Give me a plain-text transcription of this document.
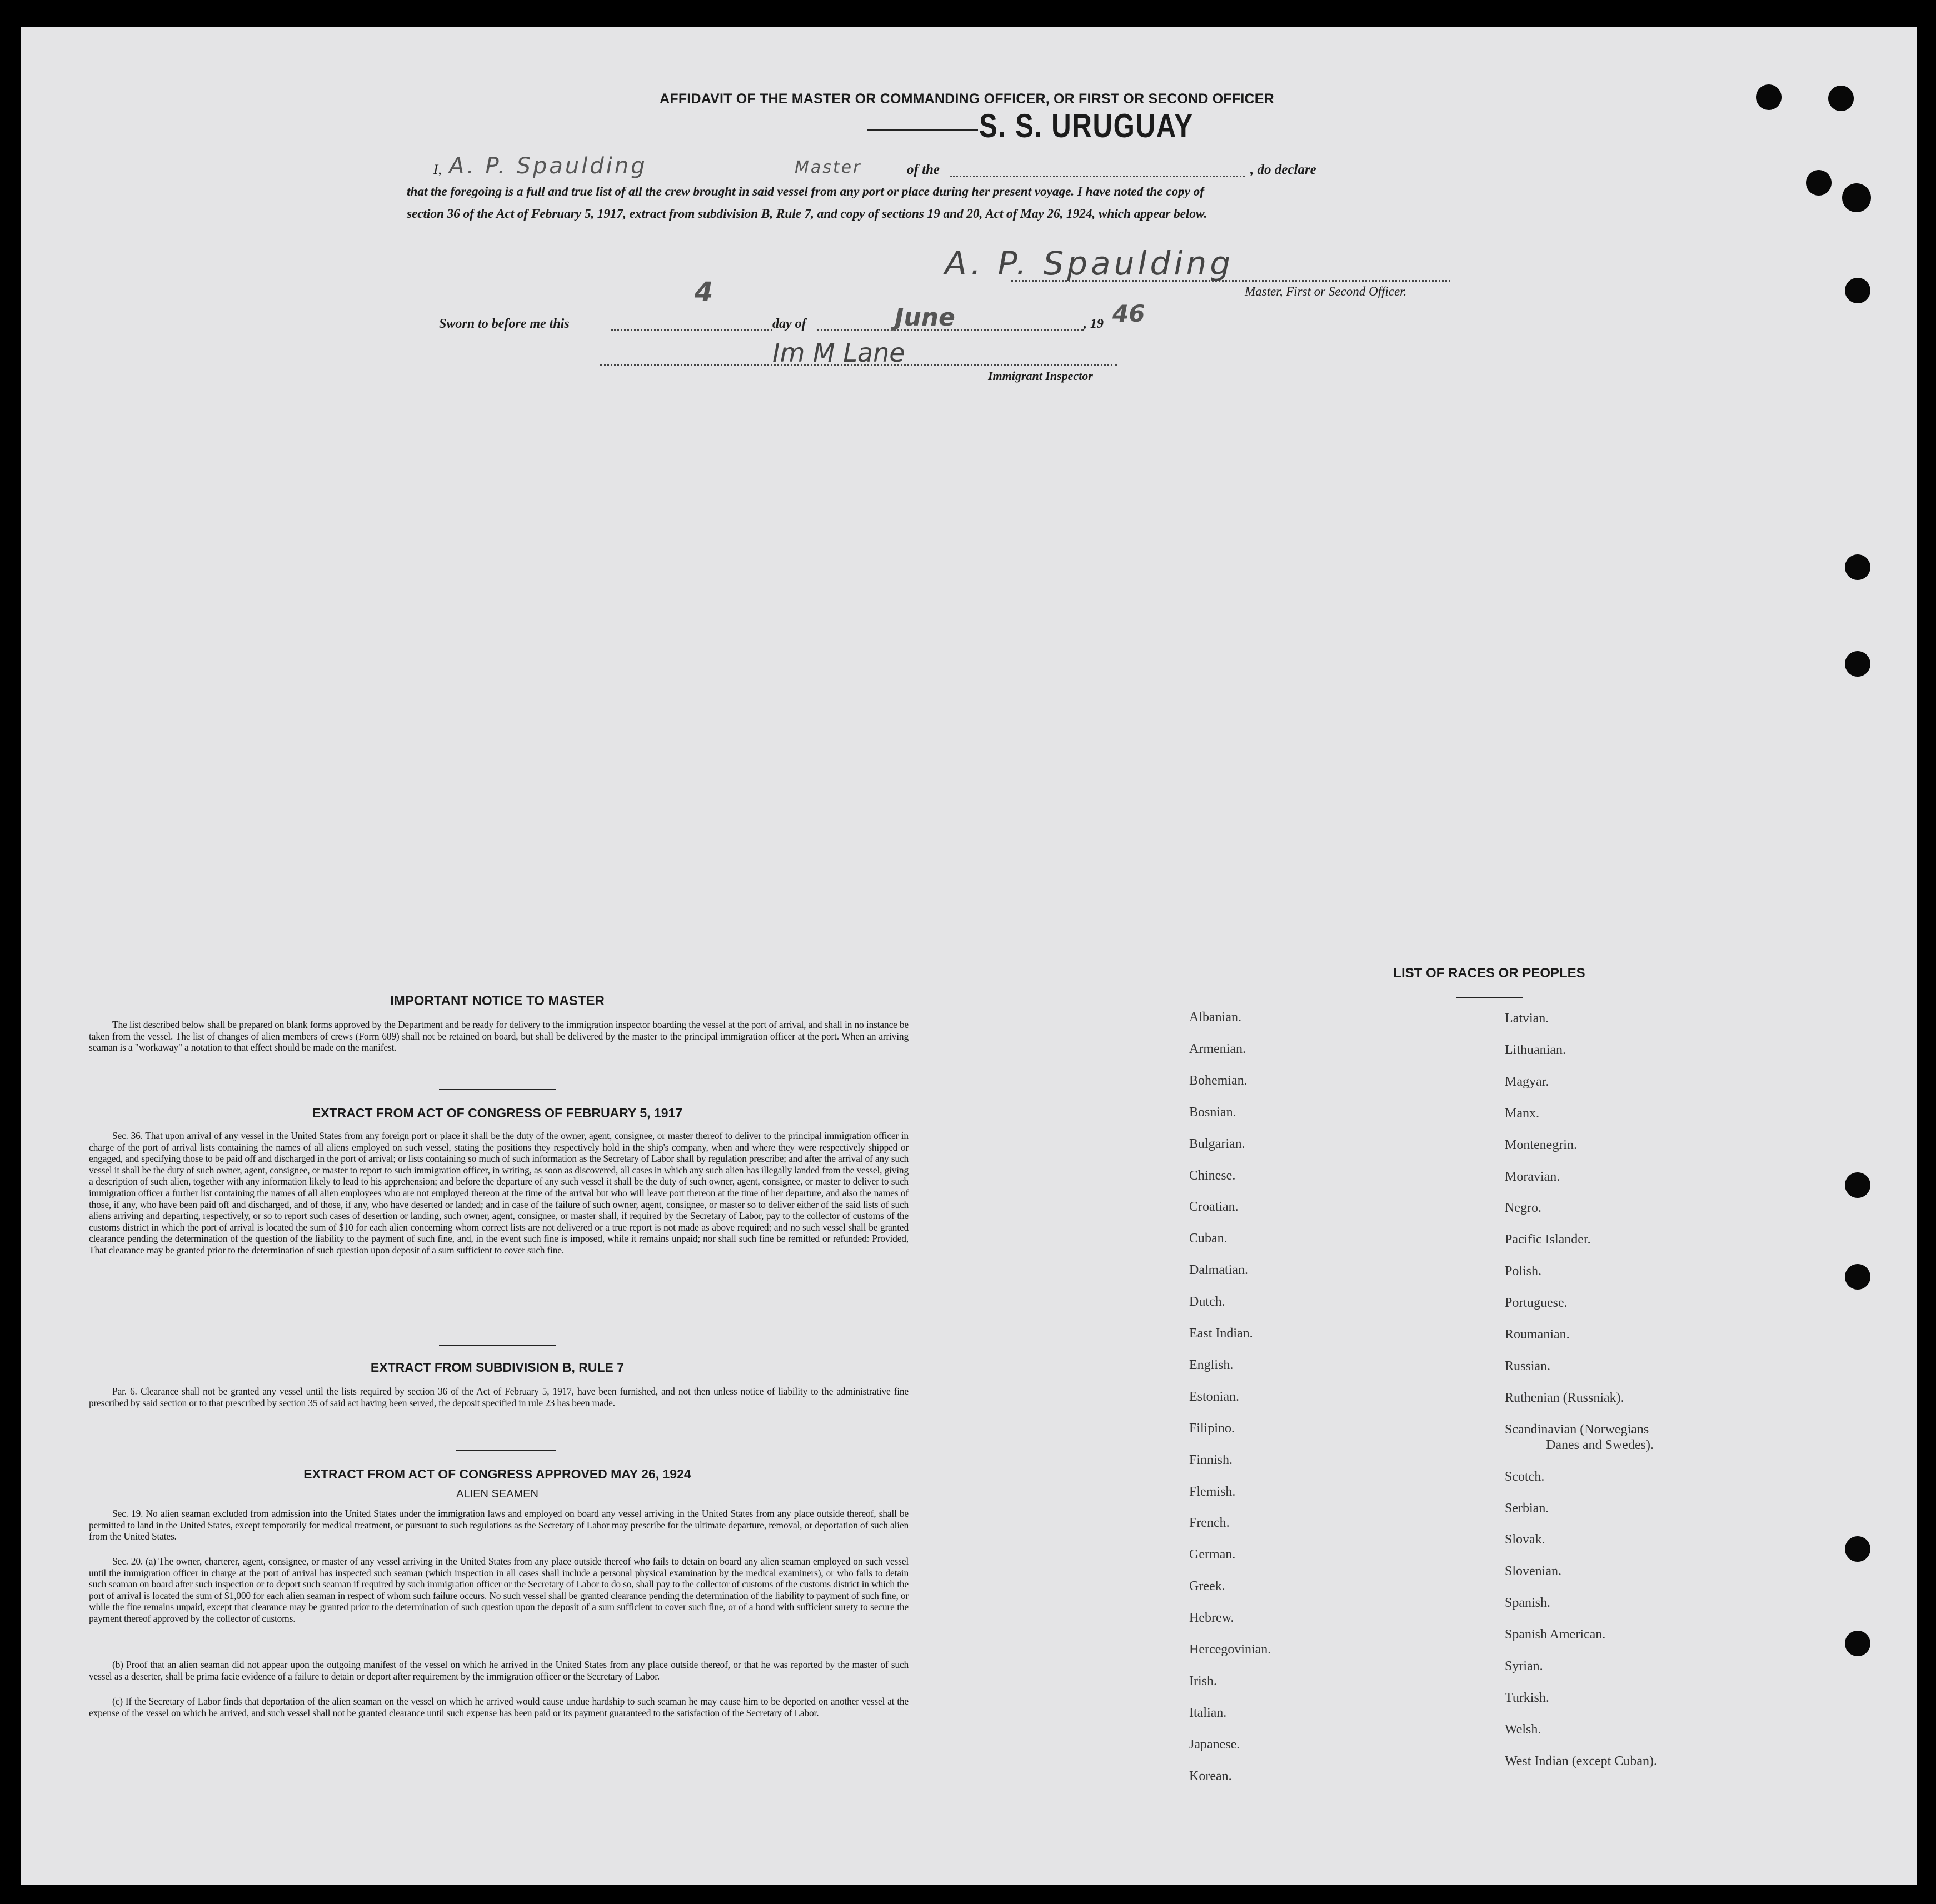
AFFIDAVIT OF THE MASTER OR COMMANDING OFFICER, OR FIRST OR SECOND OFFICER
S. S. URUGUAY
I, A. P. Spaulding	Master	of the	, do declare
that the foregoing is a full and true list of all the crew brought in said vessel from any port or place during her present voyage. I have noted the copy of
section 36 of the Act of February 5, 1917, extract from subdivision B, Rule 7, and copy of sections 19 and 20, Act of May 26, 1924, which appear below.
A. P. Spaulding
Master, First or Second Officer.
Sworn to before me this
4
day of	June	, 19 46
Im M Lane
Immigrant Inspector
IMPORTANT NOTICE TO MASTER
The list described below shall be prepared on blank forms approved by the Department and be ready for delivery to the immigration inspector boarding the vessel at the port of arrival, and shall in no instance be taken from the vessel. The list of changes of alien members of crews (Form 689) shall not be retained on board, but shall be delivered by the master to the principal immigration officer at the port. When an arriving seaman is a "workaway" a notation to that effect should be made on the manifest.
EXTRACT FROM ACT OF CONGRESS OF FEBRUARY 5, 1917
Sec. 36. That upon arrival of any vessel in the United States from any foreign port or place it shall be the duty of the owner, agent, consignee, or master thereof to deliver to the principal immigration officer in charge of the port of arrival lists containing the names of all aliens employed on such vessel, stating the positions they respectively hold in the ship's company, when and where they were respectively shipped or engaged, and specifying those to be paid off and discharged in the port of arrival; or lists containing so much of such information as the Secretary of Labor shall by regulation prescribe; and after the arrival of any such vessel it shall be the duty of such owner, agent, consignee, or master to report to such immigration officer, in writing, as soon as discovered, all cases in which any such alien has illegally landed from the vessel, giving a description of such alien, together with any information likely to lead to his apprehension; and before the departure of any such vessel it shall be the duty of such owner, agent, consignee, or master to deliver to such immigration officer a further list containing the names of all alien employees who are not employed thereon at the time of the arrival but who will leave port thereon at the time of her departure, and also the names of those, if any, who have been paid off and discharged, and of those, if any, who have deserted or landed; and in case of the failure of such owner, agent, consignee, or master so to deliver either of the said lists of such aliens arriving and departing, respectively, or so to report such cases of desertion or landing, such owner, agent, consignee, or master shall, if required by the Secretary of Labor, pay to the collector of customs of the customs district in which the port of arrival is located the sum of $10 for each alien concerning whom correct lists are not delivered or a true report is not made as above required; and no such vessel shall be granted clearance pending the determination of the question of the liability to the payment of such fine, and, in the event such fine is imposed, while it remains unpaid; nor shall such fine be remitted or refunded: Provided, That clearance may be granted prior to the determination of such question upon deposit of a sum sufficient to cover such fine.
EXTRACT FROM SUBDIVISION B, RULE 7
Par. 6. Clearance shall not be granted any vessel until the lists required by section 36 of the Act of February 5, 1917, have been furnished, and not then unless notice of liability to the administrative fine prescribed by said section or to that prescribed by section 35 of said act having been served, the deposit specified in rule 23 has been made.
EXTRACT FROM ACT OF CONGRESS APPROVED MAY 26, 1924
ALIEN SEAMEN
Sec. 19. No alien seaman excluded from admission into the United States under the immigration laws and employed on board any vessel arriving in the United States from any place outside thereof, shall be permitted to land in the United States, except temporarily for medical treatment, or pursuant to such regulations as the Secretary of Labor may prescribe for the ultimate departure, removal, or deportation of such alien from the United States.
Sec. 20. (a) The owner, charterer, agent, consignee, or master of any vessel arriving in the United States from any place outside thereof who fails to detain on board any alien seaman employed on such vessel until the immigration officer in charge at the port of arrival has inspected such seaman (which inspection in all cases shall include a personal physical examination by the medical examiners), or who fails to detain such seaman on board after such inspection or to deport such seaman if required by such immigration officer or the Secretary of Labor to do so, shall pay to the collector of customs of the customs district in which the port of arrival is located the sum of $1,000 for each alien seaman in respect of whom such failure occurs. No such vessel shall be granted clearance pending the determination of the liability to payment of such fine, or while the fine remains unpaid, except that clearance may be granted prior to the determination of such question upon the deposit of a sum sufficient to cover such fine, or of a bond with sufficient surety to secure the payment thereof approved by the collector of customs.
(b) Proof that an alien seaman did not appear upon the outgoing manifest of the vessel on which he arrived in the United States from any place outside thereof, or that he was reported by the master of such vessel as a deserter, shall be prima facie evidence of a failure to detain or deport after requirement by the immigration officer or the Secretary of Labor.
(c) If the Secretary of Labor finds that deportation of the alien seaman on the vessel on which he arrived would cause undue hardship to such seaman he may cause him to be deported on another vessel at the expense of the vessel on which he arrived, and such vessel shall not be granted clearance until such expense has been paid or its payment guaranteed to the satisfaction of the Secretary of Labor.
LIST OF RACES OR PEOPLES
Albanian.
Armenian.
Bohemian.
Bosnian.
Bulgarian.
Chinese.
Croatian.
Cuban.
Dalmatian.
Dutch.
East Indian.
English.
Estonian.
Filipino.
Finnish.
Flemish.
French.
German.
Greek.
Hebrew.
Hercegovinian.
Irish.
Italian.
Japanese.
Korean.
Latvian.
Lithuanian.
Magyar.
Manx.
Montenegrin.
Moravian.
Negro.
Pacific Islander.
Polish.
Portuguese.
Roumanian.
Russian.
Ruthenian (Russniak).
Scandinavian (Norwegians
Scotch.
Serbian.
Slovak.
Slovenian.
Spanish.
Spanish American.
Syrian.
Turkish.
Welsh.
West Indian (except Cuban).
Danes and Swedes).
